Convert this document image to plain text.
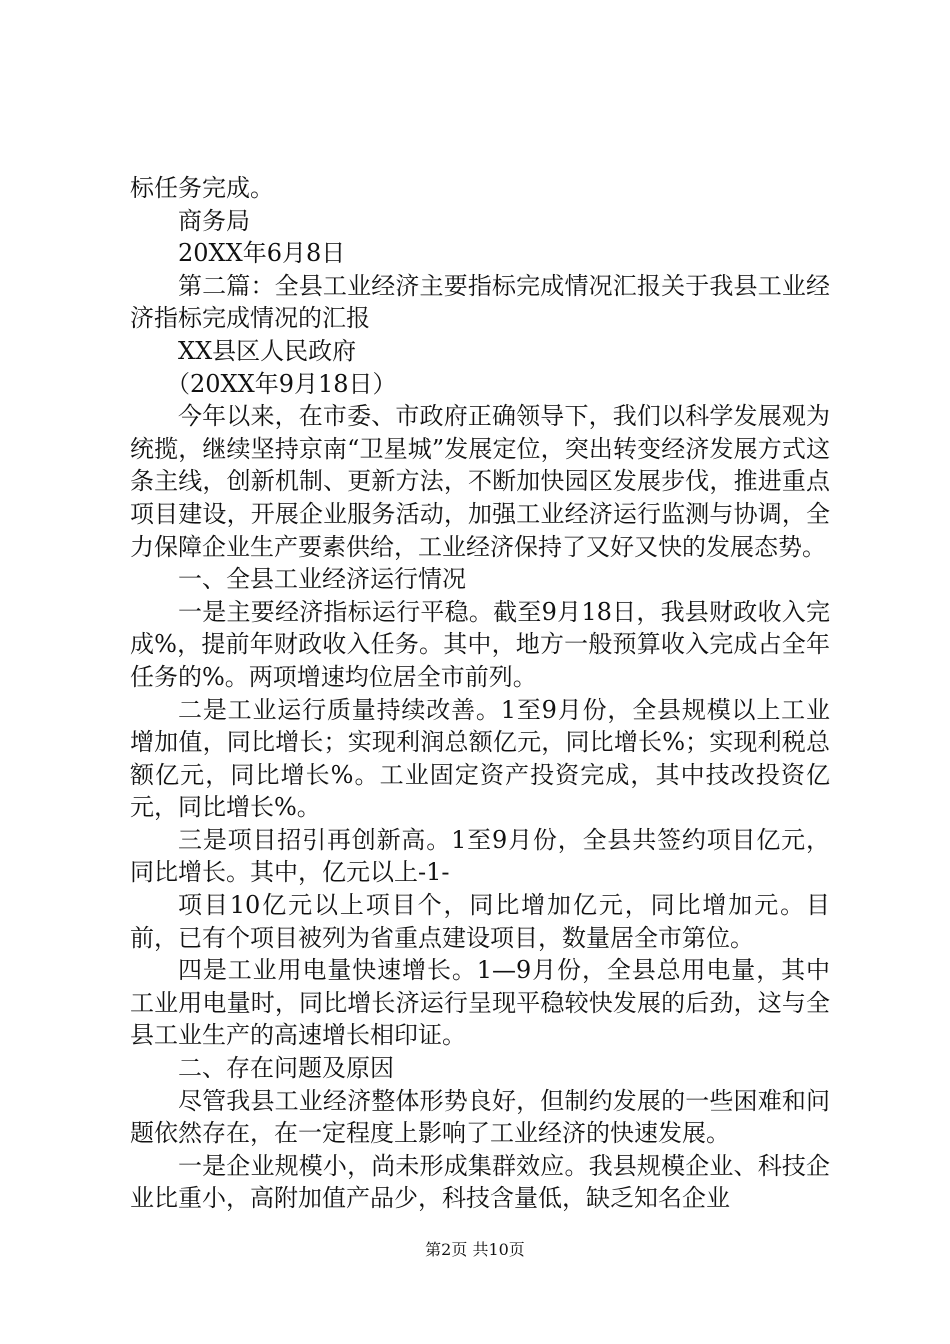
标任务完成。

商务局

20XX年6月8日

第二篇：全县工业经济主要指标完成情况汇报关于我县工业经济指标完成情况的汇报

XX县区人民政府

（20XX年9月18日）

今年以来，在市委、市政府正确领导下，我们以科学发展观为统揽，继续坚持京南“卫星城”发展定位，突出转变经济发展方式这条主线，创新机制、更新方法，不断加快园区发展步伐，推进重点项目建设，开展企业服务活动，加强工业经济运行监测与协调，全力保障企业生产要素供给，工业经济保持了又好又快的发展态势。

一、全县工业经济运行情况

一是主要经济指标运行平稳。截至9月18日，我县财政收入完成%，提前年财政收入任务。其中，地方一般预算收入完成占全年任务的%。两项增速均位居全市前列。

二是工业运行质量持续改善。1至9月份，全县规模以上工业增加值，同比增长；实现利润总额亿元，同比增长%；实现利税总额亿元，同比增长%。工业固定资产投资完成，其中技改投资亿元，同比增长%。

三是项目招引再创新高。1至9月份，全县共签约项目亿元，同比增长。其中，亿元以上-1-

项目10亿元以上项目个，同比增加亿元，同比增加元。目前，已有个项目被列为省重点建设项目，数量居全市第位。

四是工业用电量快速增长。1—9月份，全县总用电量，其中工业用电量时，同比增长济运行呈现平稳较快发展的后劲，这与全县工业生产的高速增长相印证。

二、存在问题及原因

尽管我县工业经济整体形势良好，但制约发展的一些困难和问题依然存在，在一定程度上影响了工业经济的快速发展。

一是企业规模小，尚未形成集群效应。我县规模企业、科技企业比重小，高附加值产品少，科技含量低，缺乏知名企业

第2页 共10页
